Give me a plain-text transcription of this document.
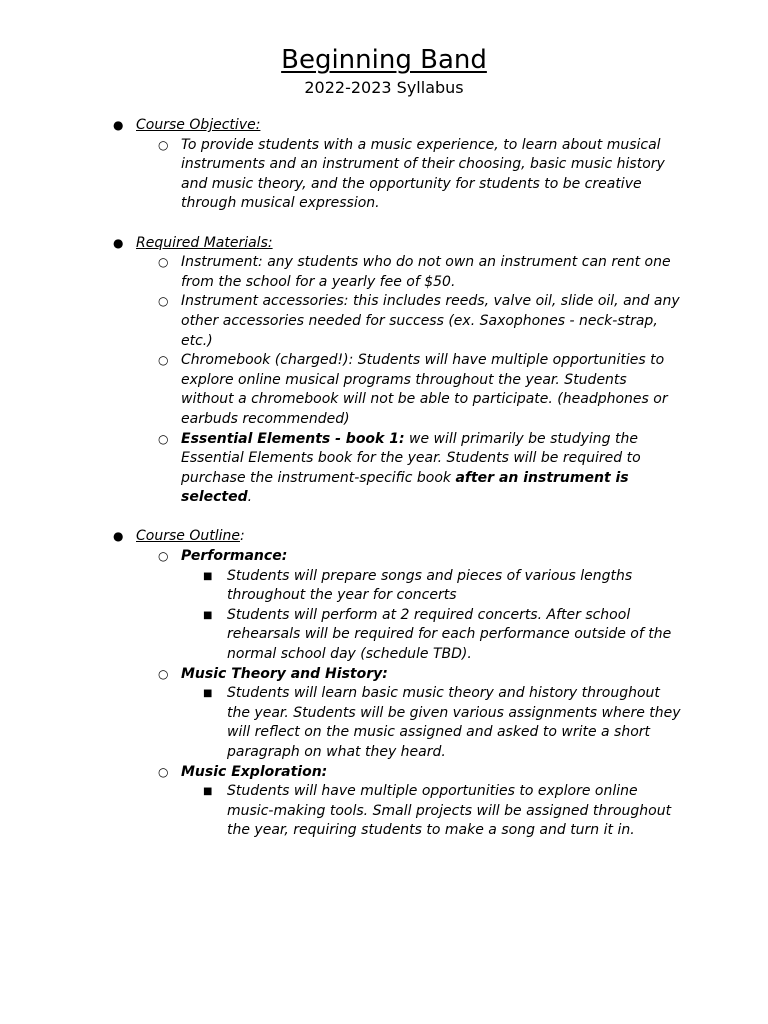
Beginning Band
2022-2023 Syllabus
● Course Objective:
○ To provide students with a music experience, to learn about musical instruments and an instrument of their choosing, basic music history and music theory, and the opportunity for students to be creative through musical expression.
● Required Materials:
○ Instrument: any students who do not own an instrument can rent one from the school for a yearly fee of $50.
○ Instrument accessories: this includes reeds, valve oil, slide oil, and any other accessories needed for success (ex. Saxophones - neck-strap, etc.)
○ Chromebook (charged!): Students will have multiple opportunities to explore online musical programs throughout the year. Students without a chromebook will not be able to participate. (headphones or earbuds recommended)
○ Essential Elements - book 1: we will primarily be studying the Essential Elements book for the year. Students will be required to purchase the instrument-specific book after an instrument is selected.
● Course Outline:
○ Performance:
■ Students will prepare songs and pieces of various lengths throughout the year for concerts
■ Students will perform at 2 required concerts. After school rehearsals will be required for each performance outside of the normal school day (schedule TBD).
○ Music Theory and History:
■ Students will learn basic music theory and history throughout the year. Students will be given various assignments where they will reflect on the music assigned and asked to write a short paragraph on what they heard.
○ Music Exploration:
■ Students will have multiple opportunities to explore online music-making tools. Small projects will be assigned throughout the year, requiring students to make a song and turn it in.
